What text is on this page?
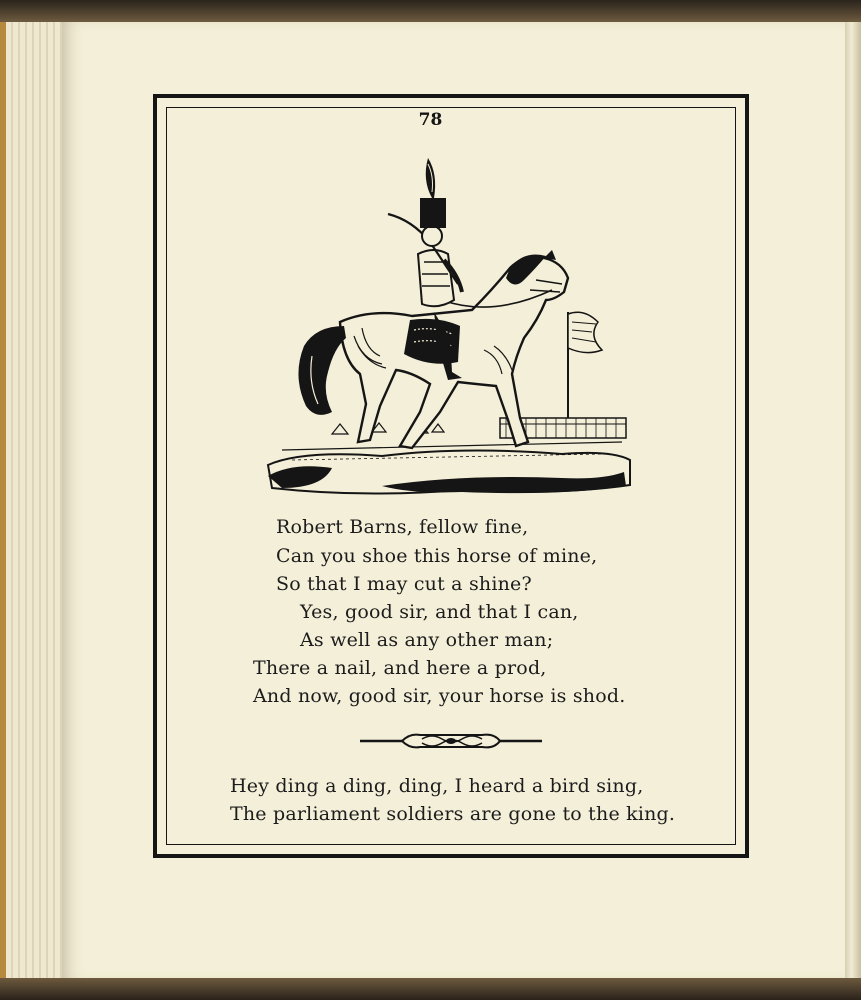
78
Robert Barns, fellow fine,
Can you shoe this horse of mine,
So that I may cut a shine?
Yes, good sir, and that I can,
As well as any other man;
There a nail, and here a prod,
And now, good sir, your horse is shod.
Hey ding a ding, ding, I heard a bird sing,
The parliament soldiers are gone to the king.
